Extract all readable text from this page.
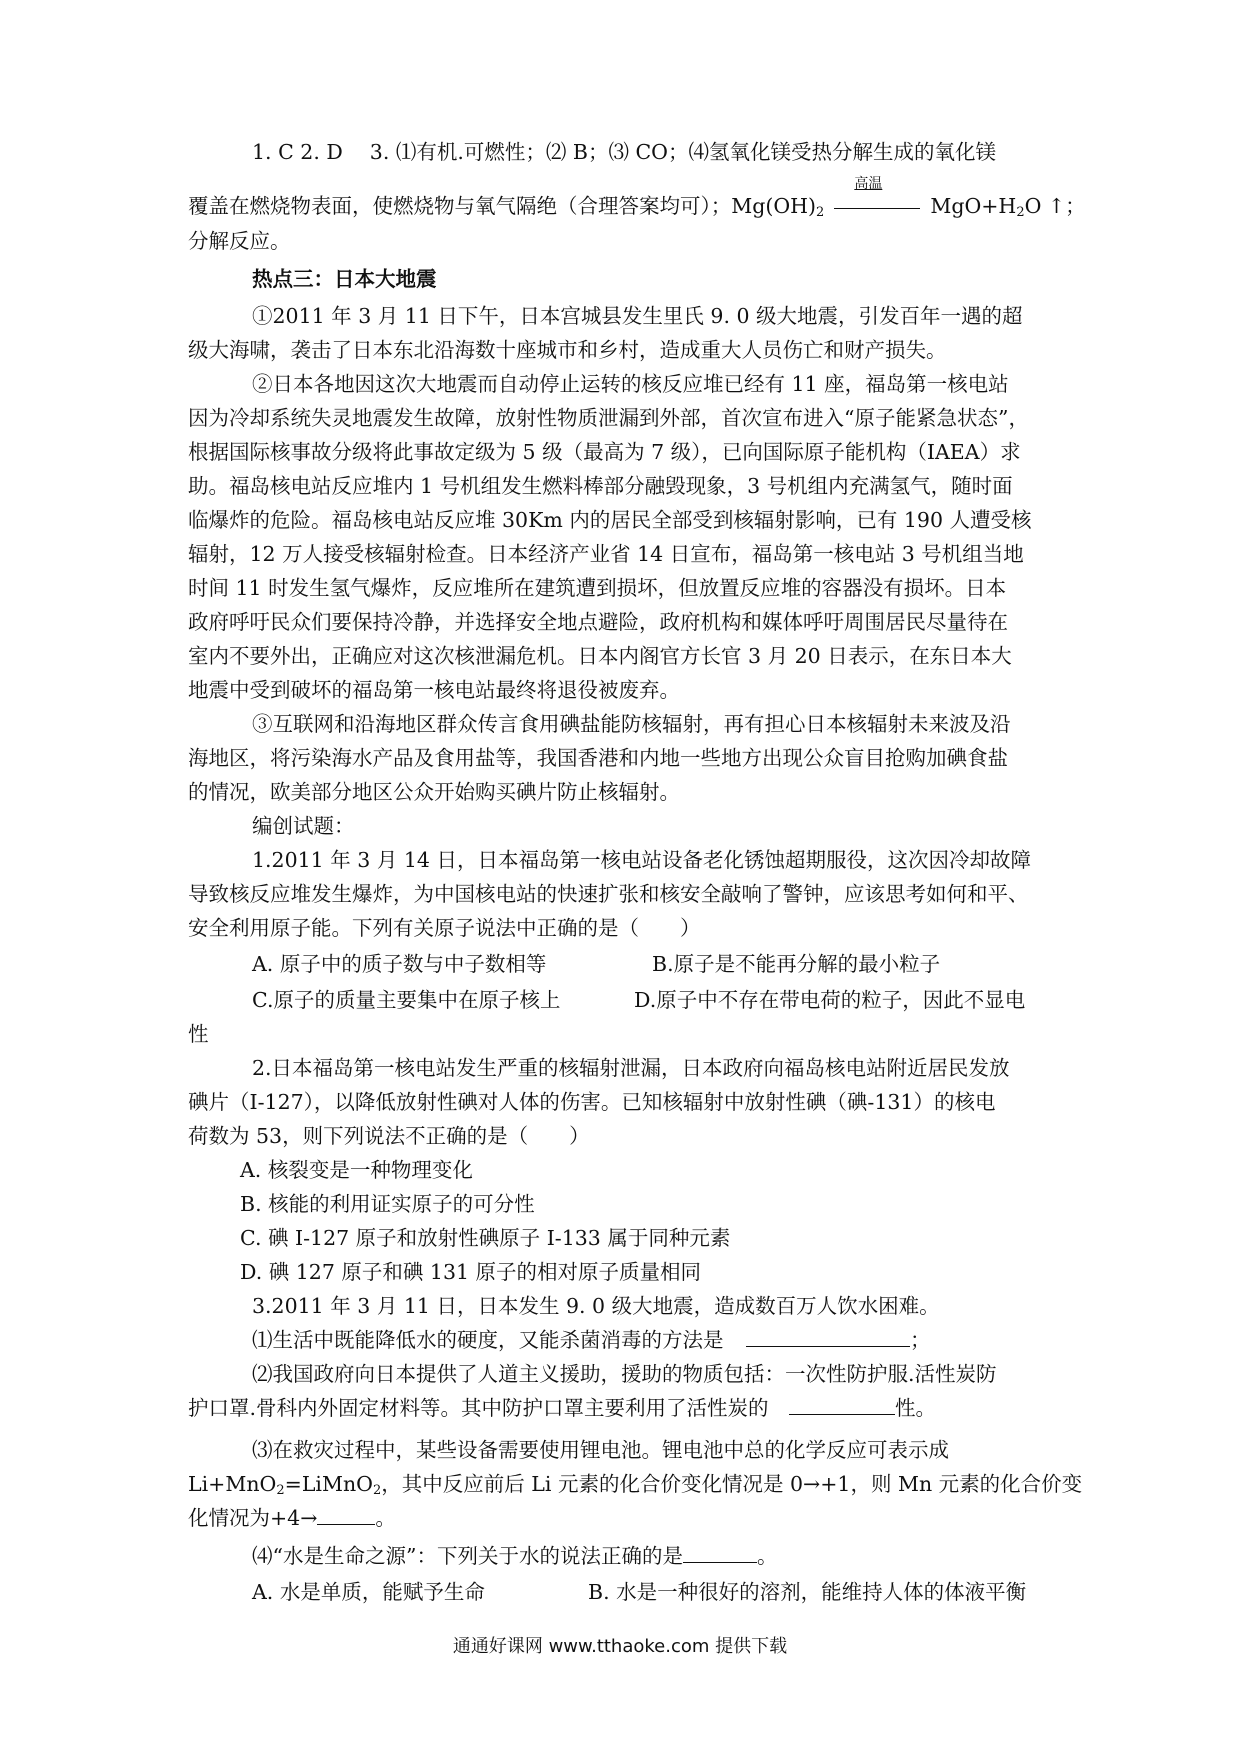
1. C 2. D　 3. ⑴有机.可燃性；⑵ B；⑶ CO；⑷氢氧化镁受热分解生成的氧化镁
覆盖在燃烧物表面，使燃烧物与氧气隔绝（合理答案均可）；$Mg(OH)_2$
高温
$MgO+H_2O$ ↑；
分解反应。
热点三：日本大地震
①2011 年 3 月 11 日下午，日本宫城县发生里氏 9. 0 级大地震，引发百年一遇的超
级大海啸，袭击了日本东北沿海数十座城市和乡村，造成重大人员伤亡和财产损失。
②日本各地因这次大地震而自动停止运转的核反应堆已经有 11 座，福岛第一核电站
因为冷却系统失灵地震发生故障，放射性物质泄漏到外部，首次宣布进入“原子能紧急状态”，
根据国际核事故分级将此事故定级为 5 级（最高为 7 级），已向国际原子能机构（IAEA）求
助。福岛核电站反应堆内 1 号机组发生燃料棒部分融毁现象，3 号机组内充满氢气，随时面
临爆炸的危险。福岛核电站反应堆 30Km 内的居民全部受到核辐射影响，已有 190 人遭受核
辐射，12 万人接受核辐射检查。日本经济产业省 14 日宣布，福岛第一核电站 3 号机组当地
时间 11 时发生氢气爆炸，反应堆所在建筑遭到损坏，但放置反应堆的容器没有损坏。日本
政府呼吁民众们要保持冷静，并选择安全地点避险，政府机构和媒体呼吁周围居民尽量待在
室内不要外出，正确应对这次核泄漏危机。日本内阁官方长官 3 月 20 日表示，在东日本大
地震中受到破坏的福岛第一核电站最终将退役被废弃。
③互联网和沿海地区群众传言食用碘盐能防核辐射，再有担心日本核辐射未来波及沿
海地区，将污染海水产品及食用盐等，我国香港和内地一些地方出现公众盲目抢购加碘食盐
的情况，欧美部分地区公众开始购买碘片防止核辐射。
编创试题：
1.2011 年 3 月 14 日，日本福岛第一核电站设备老化锈蚀超期服役，这次因冷却故障
导致核反应堆发生爆炸，为中国核电站的快速扩张和核安全敲响了警钟，应该思考如何和平、
安全利用原子能。下列有关原子说法中正确的是（　　）
A. 原子中的质子数与中子数相等	B.原子是不能再分解的最小粒子
C.原子的质量主要集中在原子核上	D.原子中不存在带电荷的粒子，因此不显电
性
2.日本福岛第一核电站发生严重的核辐射泄漏，日本政府向福岛核电站附近居民发放
碘片（I-127），以降低放射性碘对人体的伤害。已知核辐射中放射性碘（碘-131）的核电
荷数为 53，则下列说法不正确的是（　　）
A. 核裂变是一种物理变化
B. 核能的利用证实原子的可分性
C. 碘 I-127 原子和放射性碘原子 I-133 属于同种元素
D. 碘 127 原子和碘 131 原子的相对原子质量相同
3.2011 年 3 月 11 日，日本发生 9. 0 级大地震，造成数百万人饮水困难。
⑴生活中既能降低水的硬度，又能杀菌消毒的方法是	；
⑵我国政府向日本提供了人道主义援助，援助的物质包括：一次性防护服.活性炭防
护口罩.骨科内外固定材料等。其中防护口罩主要利用了活性炭的	性。
⑶在救灾过程中，某些设备需要使用锂电池。锂电池中总的化学反应可表示成
Li+MnO$_2$=LiMnO$_2$，其中反应前后 Li 元素的化合价变化情况是 0→+1，则 Mn 元素的化合价变
化情况为+4→	。
⑷“水是生命之源”：下列关于水的说法正确的是	。
A. 水是单质，能赋予生命	B. 水是一种很好的溶剂，能维持人体的体液平衡
通通好课网 www.tthaoke.com 提供下载
